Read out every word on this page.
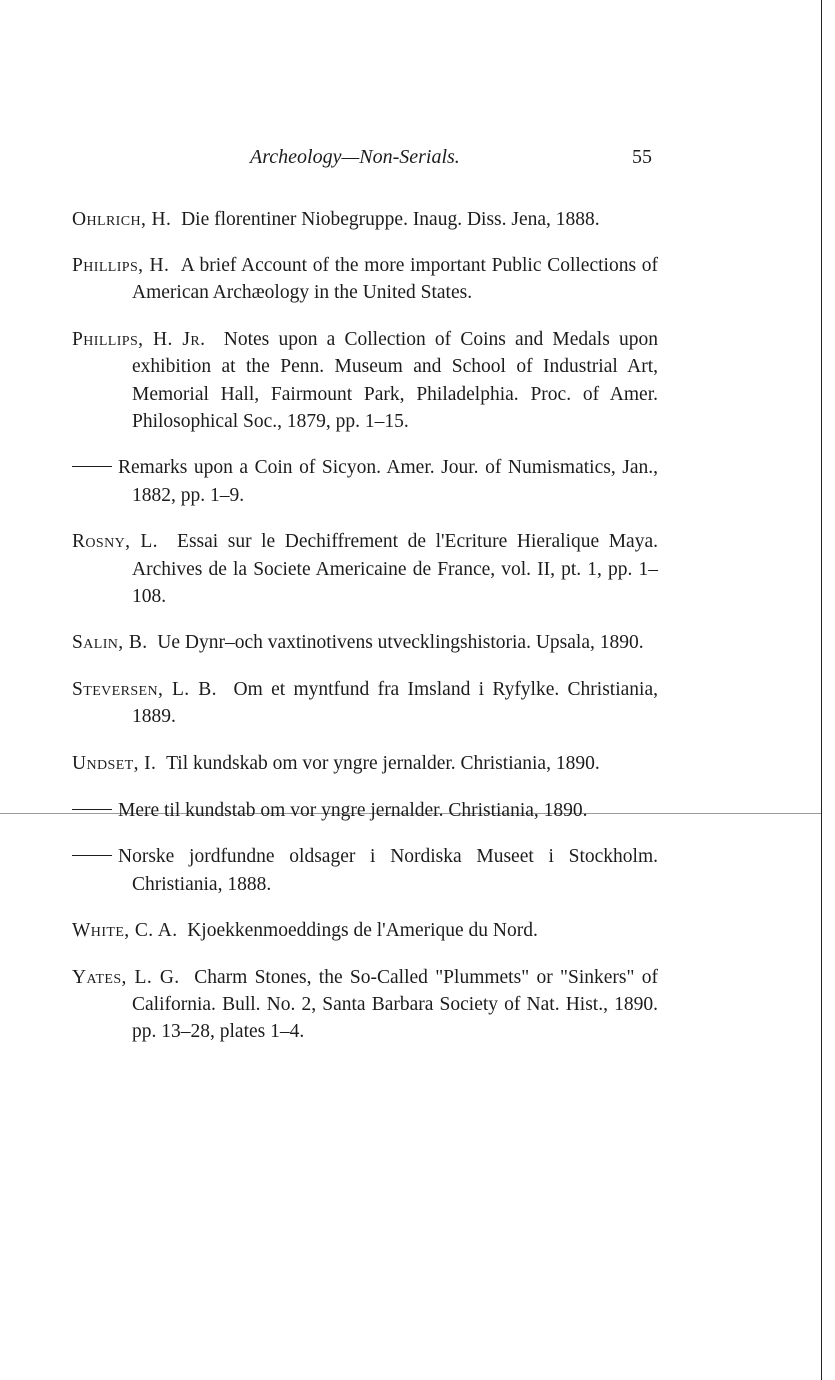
Archeology—Non-Serials.	55

Ohlrich, H. Die florentiner Niobegruppe. Inaug. Diss. Jena, 1888.

Phillips, H. A brief Account of the more important Public Collections of American Archæology in the United States.

Phillips, H. Jr. Notes upon a Collection of Coins and Medals upon exhibition at the Penn. Museum and School of Industrial Art, Memorial Hall, Fairmount Park, Philadelphia. Proc. of Amer. Philosophical Soc., 1879, pp. 1–15.

Remarks upon a Coin of Sicyon. Amer. Jour. of Numismatics, Jan., 1882, pp. 1–9.

Rosny, L. Essai sur le Dechiffrement de l'Ecriture Hieralique Maya. Archives de la Societe Americaine de France, vol. II, pt. 1, pp. 1–108.

Salin, B. Ue Dynr–och vaxtinotivens utvecklingshistoria. Upsala, 1890.

Steversen, L. B. Om et myntfund fra Imsland i Ryfylke. Christiania, 1889.

Undset, I. Til kundskab om vor yngre jernalder. Christiania, 1890.

Mere til kundstab om vor yngre jernalder. Christiania, 1890.

Norske jordfundne oldsager i Nordiska Museet i Stockholm. Christiania, 1888.

White, C. A. Kjoekkenmoeddings de l'Amerique du Nord.

Yates, L. G. Charm Stones, the So-Called "Plummets" or "Sinkers" of California. Bull. No. 2, Santa Barbara Society of Nat. Hist., 1890. pp. 13–28, plates 1–4.
